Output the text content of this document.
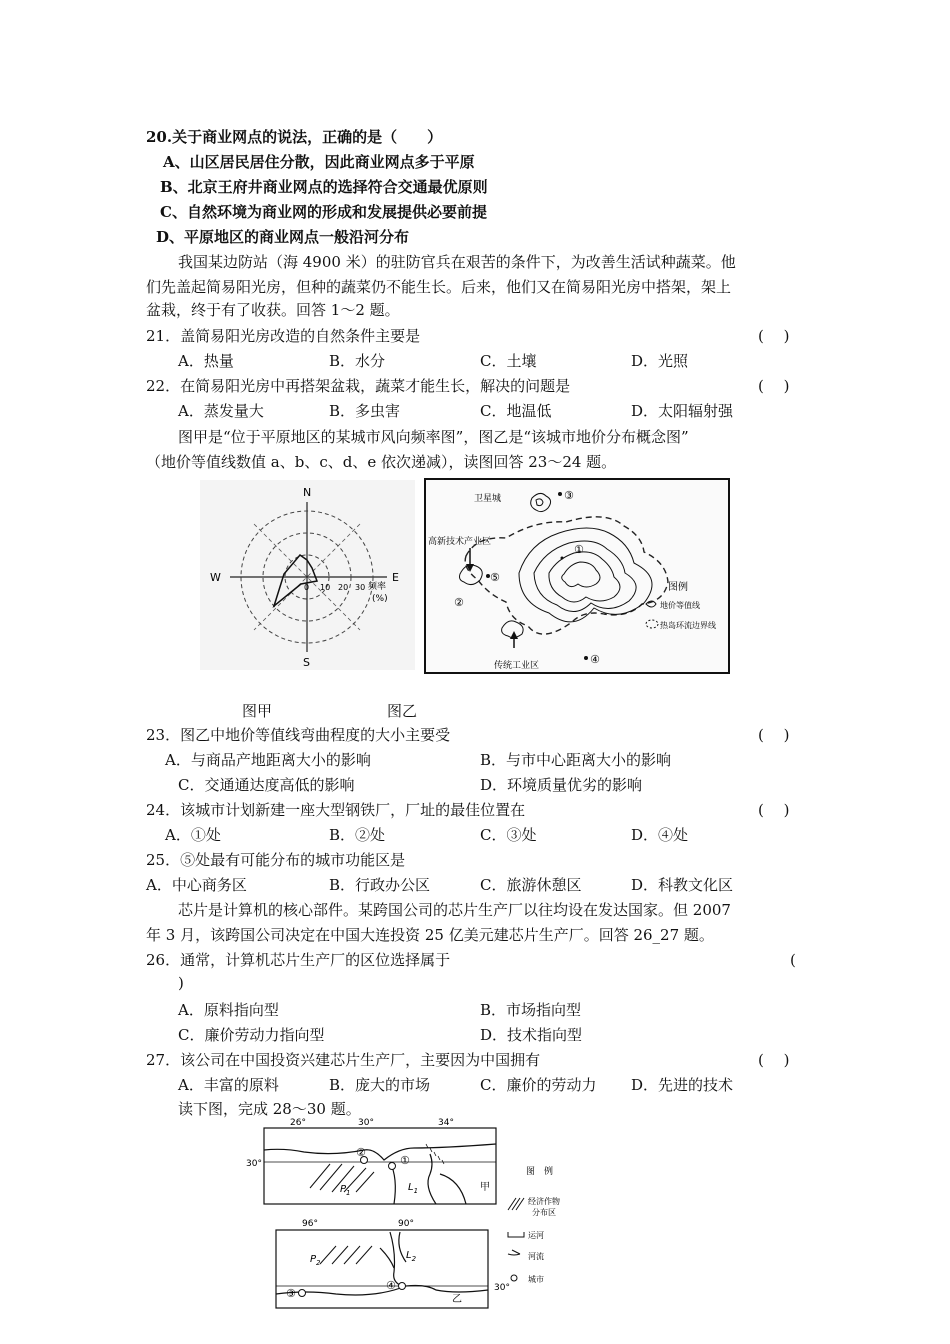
20.关于商业网点的说法，正确的是（　　）
A、山区居民居住分散，因此商业网点多于平原
B、北京王府井商业网点的选择符合交通最优原则
C、自然环境为商业网的形成和发展提供必要前提
D、平原地区的商业网点一般沿河分布
我国某边防站（海 4900 米）的驻防官兵在艰苦的条件下，为改善生活试种蔬菜。他
们先盖起简易阳光房，但种的蔬菜仍不能生长。后来，他们又在简易阳光房中搭架，架上
盆栽，终于有了收获。回答 1～2 题。
21．盖简易阳光房改造的自然条件主要是	(　 )
A．热量	B．水分	C．土壤	D．光照
22．在简易阳光房中再搭架盆栽，蔬菜才能生长，解决的问题是	(　 )
A．蒸发量大	B．多虫害	C．地温低	D．太阳辐射强
图甲是“位于平原地区的某城市风向频率图”，图乙是“该城市地价分布概念图”
（地价等值线数值 a、b、c、d、e 依次递减），读图回答 23～24 题。
N
S
E
W
0 10 20 30 频率
(%)
卫星城	③
高新技术产业区
⑤
②
①
传统工业区	④
图例
地价等值线
热岛环流边界线
图甲	图乙
23．图乙中地价等值线弯曲程度的大小主要受	(　 )
A．与商品产地距离大小的影响	B．与市中心距离大小的影响
C．交通通达度高低的影响	D．环境质量优劣的影响
24．该城市计划新建一座大型钢铁厂，厂址的最佳位置在	(　 )
A．①处	B．②处	C．③处	D．④处
25．⑤处最有可能分布的城市功能区是
A．中心商务区	B．行政办公区	C．旅游休憩区	D．科教文化区
芯片是计算机的核心部件。某跨国公司的芯片生产厂以往均设在发达国家。但 2007
年 3 月，该跨国公司决定在中国大连投资 25 亿美元建芯片生产厂。回答 26_27 题。
26．通常，计算机芯片生产厂的区位选择属于	(
)
A．原料指向型	B．市场指向型
C．廉价劳动力指向型	D．技术指向型
27．该公司在中国投资兴建芯片生产厂，主要因为中国拥有	(　 )
A．丰富的原料	B．庞大的市场	C．廉价的劳动力 D．先进的技术
读下图，完成 28～30 题。
26°	30°	34°
30°
②
①
$P_1$	$L_1$	甲
96°	90°
30°
④
③
$P_2$
$L_2$
乙
图　例
经济作物
分布区
运河
河流
城市
